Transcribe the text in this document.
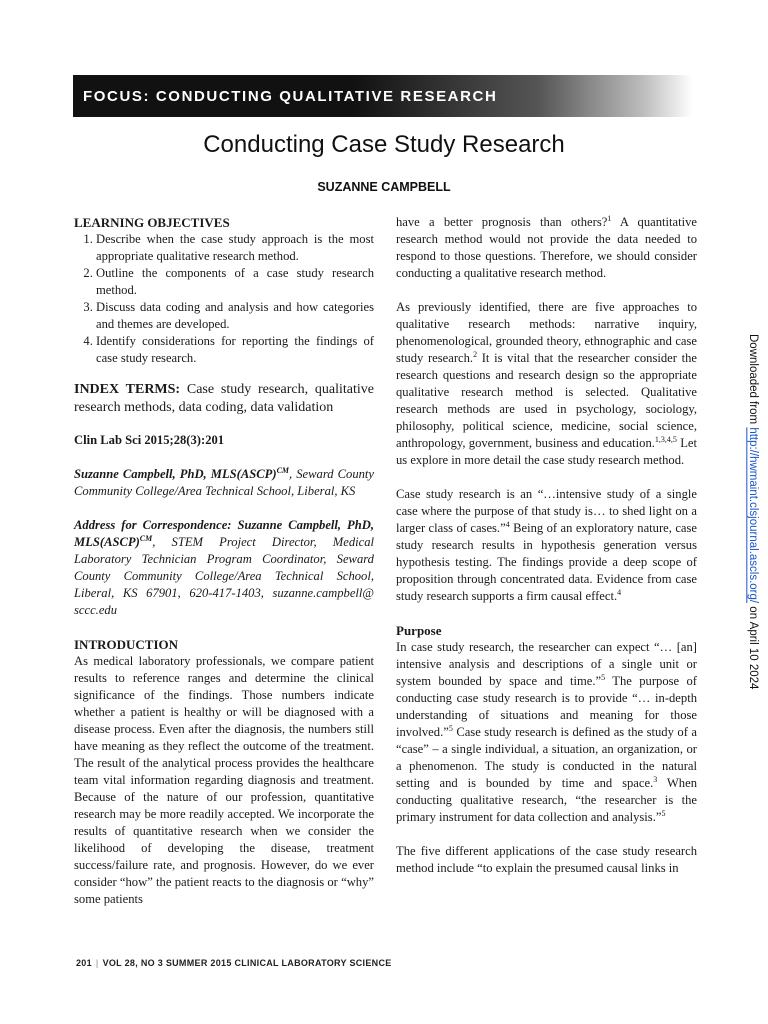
FOCUS: CONDUCTING QUALITATIVE RESEARCH
Conducting Case Study Research
SUZANNE CAMPBELL
LEARNING OBJECTIVES
1. Describe when the case study approach is the most appropriate qualitative research method.
2. Outline the components of a case study research method.
3. Discuss data coding and analysis and how categories and themes are developed.
4. Identify considerations for reporting the findings of case study research.
INDEX TERMS: Case study research, qualitative research methods, data coding, data validation
Clin Lab Sci 2015;28(3):201
Suzanne Campbell, PhD, MLS(ASCP)$^{CM}$, Seward County Community College/Area Technical School, Liberal, KS
Address for Correspondence: Suzanne Campbell, PhD, MLS(ASCP)$^{CM}$, STEM Project Director, Medical Laboratory Technician Program Coordinator, Seward County Community College/Area Technical School, Liberal, KS 67901, 620-417-1403, suzanne.campbell@ sccc.edu
INTRODUCTION

As medical laboratory professionals, we compare patient results to reference ranges and determine the clinical significance of the findings. Those numbers indicate whether a patient is healthy or will be diagnosed with a disease process. Even after the diagnosis, the numbers still have meaning as they reflect the outcome of the treatment. The result of the analytical process provides the healthcare team vital information regarding diagnosis and treatment. Because of the nature of our profession, quantitative research may be more readily accepted. We incorporate the results of quantitative research when we consider the likelihood of developing the disease, treatment success/failure rate, and prognosis. However, do we ever consider “how” the patient reacts to the diagnosis or “why” some patients

have a better prognosis than others?$^1$ A quantitative research method would not provide the data needed to respond to those questions. Therefore, we should consider conducting a qualitative research method.

As previously identified, there are five approaches to qualitative research methods: narrative inquiry, phenomenological, grounded theory, ethnographic and case study research.$^2$ It is vital that the researcher consider the research questions and research design so the appropriate qualitative research method is selected. Qualitative research methods are used in psychology, sociology, philosophy, political science, medicine, social science, anthropology, government, business and education.$^{1,3,4,5}$ Let us explore in more detail the case study research method.

Case study research is an “…intensive study of a single case where the purpose of that study is… to shed light on a larger class of cases.”$^4$ Being of an exploratory nature, case study research results in hypothesis generation versus hypothesis testing. The findings provide a deep scope of proposition through concentrated data. Evidence from case study research supports a firm causal effect.$^4$

Purpose

In case study research, the researcher can expect “… [an] intensive analysis and descriptions of a single unit or system bounded by space and time.”$^5$ The purpose of conducting case study research is to provide “… in-depth understanding of situations and meaning for those involved.”$^5$ Case study research is defined as the study of a “case” – a single individual, a situation, an organization, or a phenomenon. The study is conducted in the natural setting and is bounded by time and space.$^3$ When conducting qualitative research, “the researcher is the primary instrument for data collection and analysis.”$^5$

The five different applications of the case study research method include “to explain the presumed causal links in

201 | VOL 28, NO 3 SUMMER 2015 CLINICAL LABORATORY SCIENCE
Downloaded from http://hwmaint.clsjournal.ascls.org/ on April 10 2024
